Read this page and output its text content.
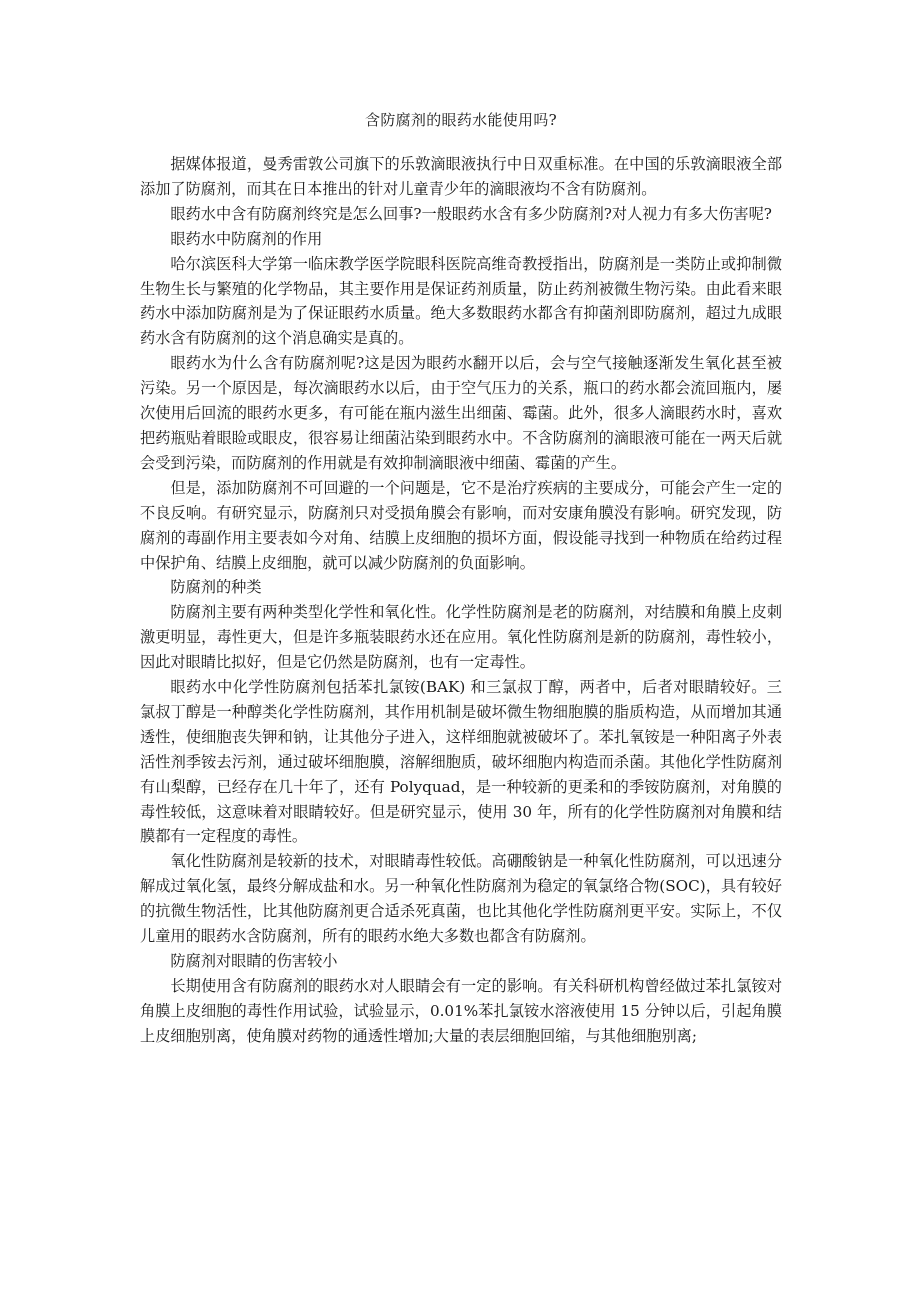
含防腐剂的眼药水能使用吗?

据媒体报道，曼秀雷敦公司旗下的乐敦滴眼液执行中日双重标准。在中国的乐敦滴眼液全部添加了防腐剂，而其在日本推出的针对儿童青少年的滴眼液均不含有防腐剂。

眼药水中含有防腐剂终究是怎么回事?一般眼药水含有多少防腐剂?对人视力有多大伤害呢?

眼药水中防腐剂的作用

哈尔滨医科大学第一临床教学医学院眼科医院高维奇教授指出，防腐剂是一类防止或抑制微生物生长与繁殖的化学物品，其主要作用是保证药剂质量，防止药剂被微生物污染。由此看来眼药水中添加防腐剂是为了保证眼药水质量。绝大多数眼药水都含有抑菌剂即防腐剂，超过九成眼药水含有防腐剂的这个消息确实是真的。

眼药水为什么含有防腐剂呢?这是因为眼药水翻开以后，会与空气接触逐渐发生氧化甚至被污染。另一个原因是，每次滴眼药水以后，由于空气压力的关系，瓶口的药水都会流回瓶内，屡次使用后回流的眼药水更多，有可能在瓶内滋生出细菌、霉菌。此外，很多人滴眼药水时，喜欢把药瓶贴着眼睑或眼皮，很容易让细菌沾染到眼药水中。不含防腐剂的滴眼液可能在一两天后就会受到污染，而防腐剂的作用就是有效抑制滴眼液中细菌、霉菌的产生。

但是，添加防腐剂不可回避的一个问题是，它不是治疗疾病的主要成分，可能会产生一定的不良反响。有研究显示，防腐剂只对受损角膜会有影响，而对安康角膜没有影响。研究发现，防腐剂的毒副作用主要表如今对角、结膜上皮细胞的损坏方面，假设能寻找到一种物质在给药过程中保护角、结膜上皮细胞，就可以减少防腐剂的负面影响。

防腐剂的种类

防腐剂主要有两种类型化学性和氧化性。化学性防腐剂是老的防腐剂，对结膜和角膜上皮刺激更明显，毒性更大，但是许多瓶装眼药水还在应用。氧化性防腐剂是新的防腐剂，毒性较小，因此对眼睛比拟好，但是它仍然是防腐剂，也有一定毒性。

眼药水中化学性防腐剂包括苯扎氯铵(BAK) 和三氯叔丁醇，两者中，后者对眼睛较好。三氯叔丁醇是一种醇类化学性防腐剂，其作用机制是破坏微生物细胞膜的脂质构造，从而增加其通透性，使细胞丧失钾和钠，让其他分子进入，这样细胞就被破坏了。苯扎氧铵是一种阳离子外表活性剂季铵去污剂，通过破坏细胞膜，溶解细胞质，破坏细胞内构造而杀菌。其他化学性防腐剂有山梨醇，已经存在几十年了，还有 Polyquad，是一种较新的更柔和的季铵防腐剂，对角膜的毒性较低，这意味着对眼睛较好。但是研究显示，使用 30 年，所有的化学性防腐剂对角膜和结膜都有一定程度的毒性。

氧化性防腐剂是较新的技术，对眼睛毒性较低。高硼酸钠是一种氧化性防腐剂，可以迅速分解成过氧化氢，最终分解成盐和水。另一种氧化性防腐剂为稳定的氧氯络合物(SOC)，具有较好的抗微生物活性，比其他防腐剂更合适杀死真菌，也比其他化学性防腐剂更平安。实际上，不仅儿童用的眼药水含防腐剂，所有的眼药水绝大多数也都含有防腐剂。

防腐剂对眼睛的伤害较小

长期使用含有防腐剂的眼药水对人眼睛会有一定的影响。有关科研机构曾经做过苯扎氯铵对角膜上皮细胞的毒性作用试验，试验显示，0.01%苯扎氯铵水溶液使用 15 分钟以后，引起角膜上皮细胞别离，使角膜对药物的通透性增加;大量的表层细胞回缩，与其他细胞别离;
